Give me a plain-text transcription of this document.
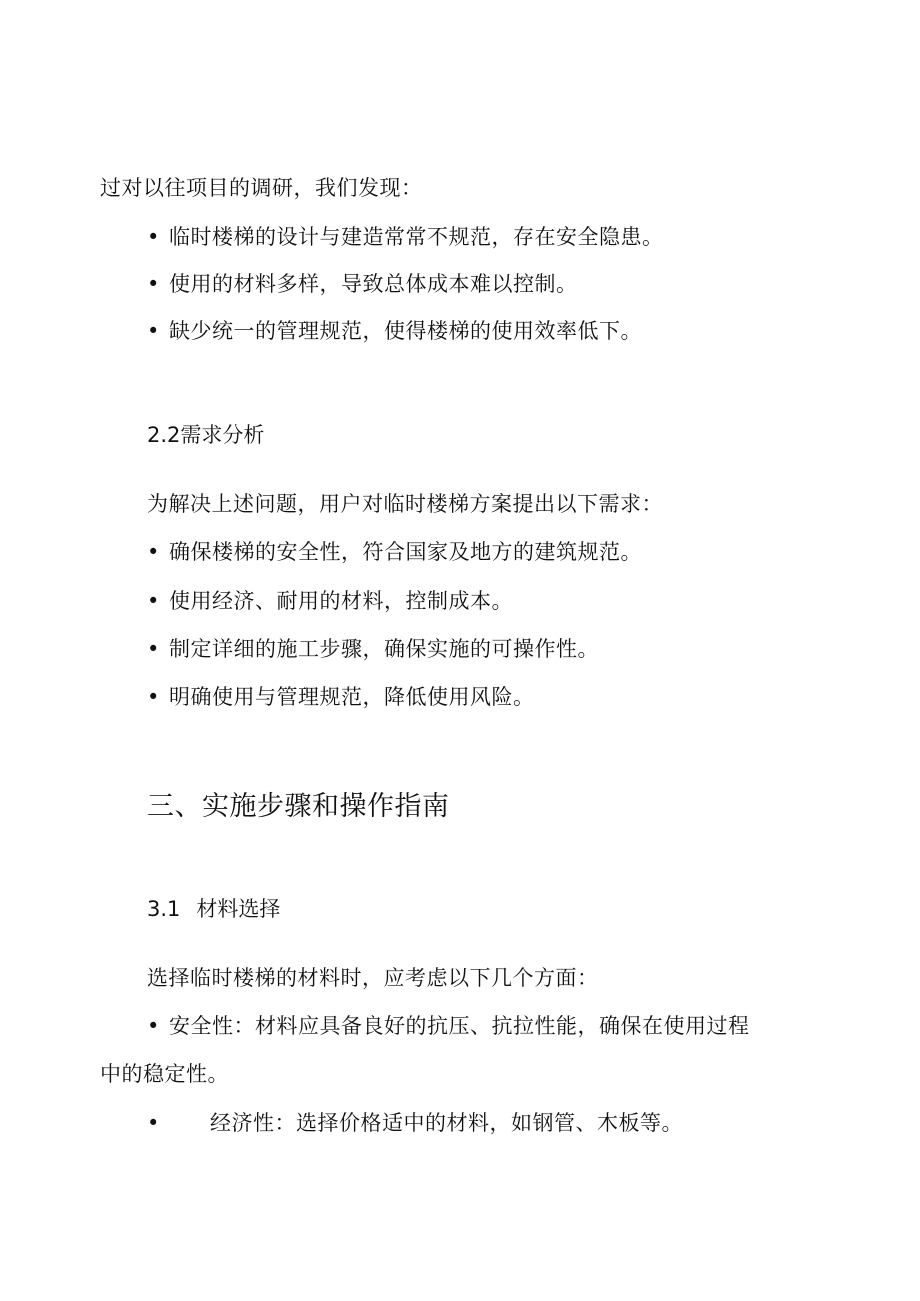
过对以往项目的调研，我们发现：
• 临时楼梯的设计与建造常常不规范，存在安全隐患。
• 使用的材料多样，导致总体成本难以控制。
• 缺少统一的管理规范，使得楼梯的使用效率低下。
2.2需求分析
为解决上述问题，用户对临时楼梯方案提出以下需求：
• 确保楼梯的安全性，符合国家及地方的建筑规范。
• 使用经济、耐用的材料，控制成本。
• 制定详细的施工步骤，确保实施的可操作性。
• 明确使用与管理规范，降低使用风险。
三、实施步骤和操作指南
3.1 材料选择
选择临时楼梯的材料时，应考虑以下几个方面：
• 安全性：材料应具备良好的抗压、抗拉性能，确保在使用过程
中的稳定性。
• 经济性：选择价格适中的材料，如钢管、木板等。
